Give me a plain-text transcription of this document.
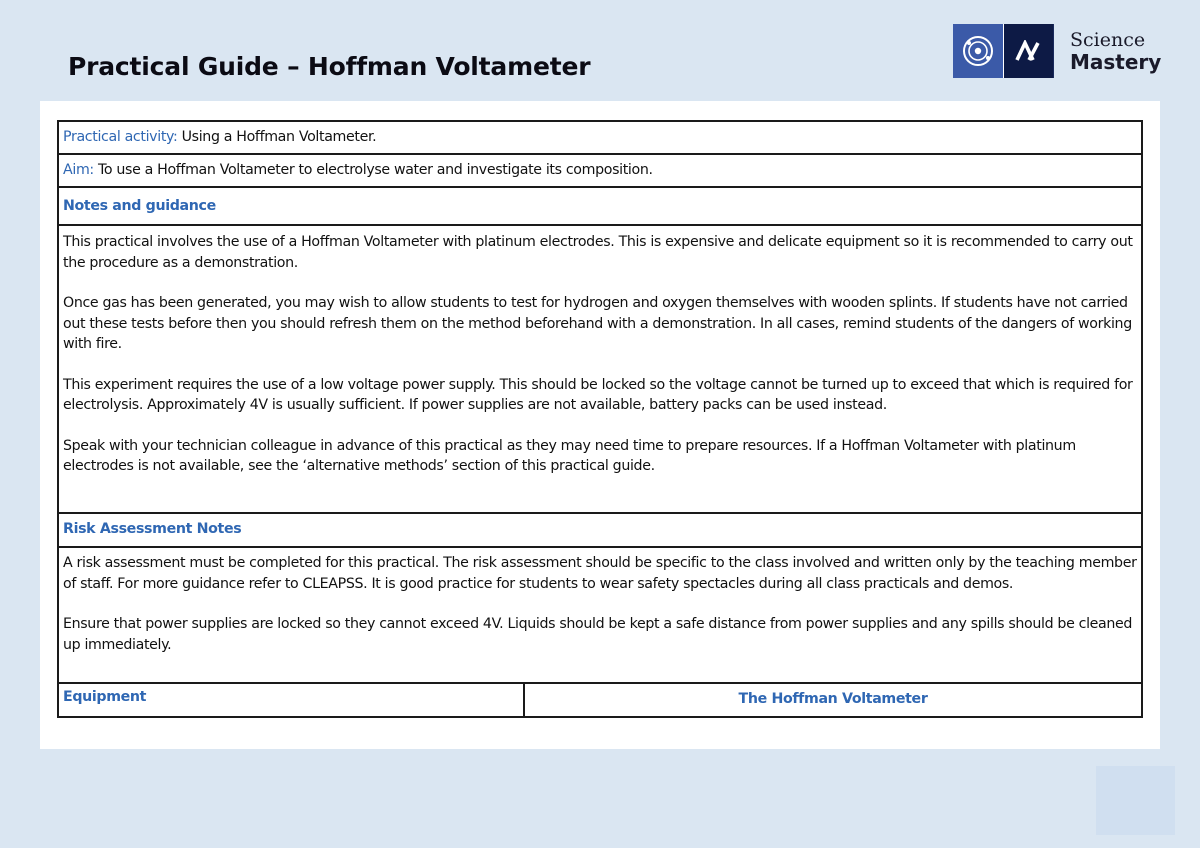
Practical Guide – Hoffman Voltameter
Science
Mastery
Practical activity: Using a Hoffman Voltameter.
Aim: To use a Hoffman Voltameter to electrolyse water and investigate its composition.
Notes and guidance

This practical involves the use of a Hoffman Voltameter with platinum electrodes. This is expensive and delicate equipment so it is recommended to carry out the procedure as a demonstration.
Once gas has been generated, you may wish to allow students to test for hydrogen and oxygen themselves with wooden splints. If students have not carried out these tests before then you should refresh them on the method beforehand with a demonstration. In all cases, remind students of the dangers of working with fire.
This experiment requires the use of a low voltage power supply. This should be locked so the voltage cannot be turned up to exceed that which is required for electrolysis. Approximately 4V is usually sufficient. If power supplies are not available, battery packs can be used instead.
Speak with your technician colleague in advance of this practical as they may need time to prepare resources. If a Hoffman Voltameter with platinum electrodes is not available, see the ‘alternative methods’ section of this practical guide.

Risk Assessment Notes

A risk assessment must be completed for this practical. The risk assessment should be specific to the class involved and written only by the teaching member of staff. For more guidance refer to CLEAPSS. It is good practice for students to wear safety spectacles during all class practicals and demos.
Ensure that power supplies are locked so they cannot exceed 4V. Liquids should be kept a safe distance from power supplies and any spills should be cleaned up immediately.

Equipment	The Hoffman Voltameter
